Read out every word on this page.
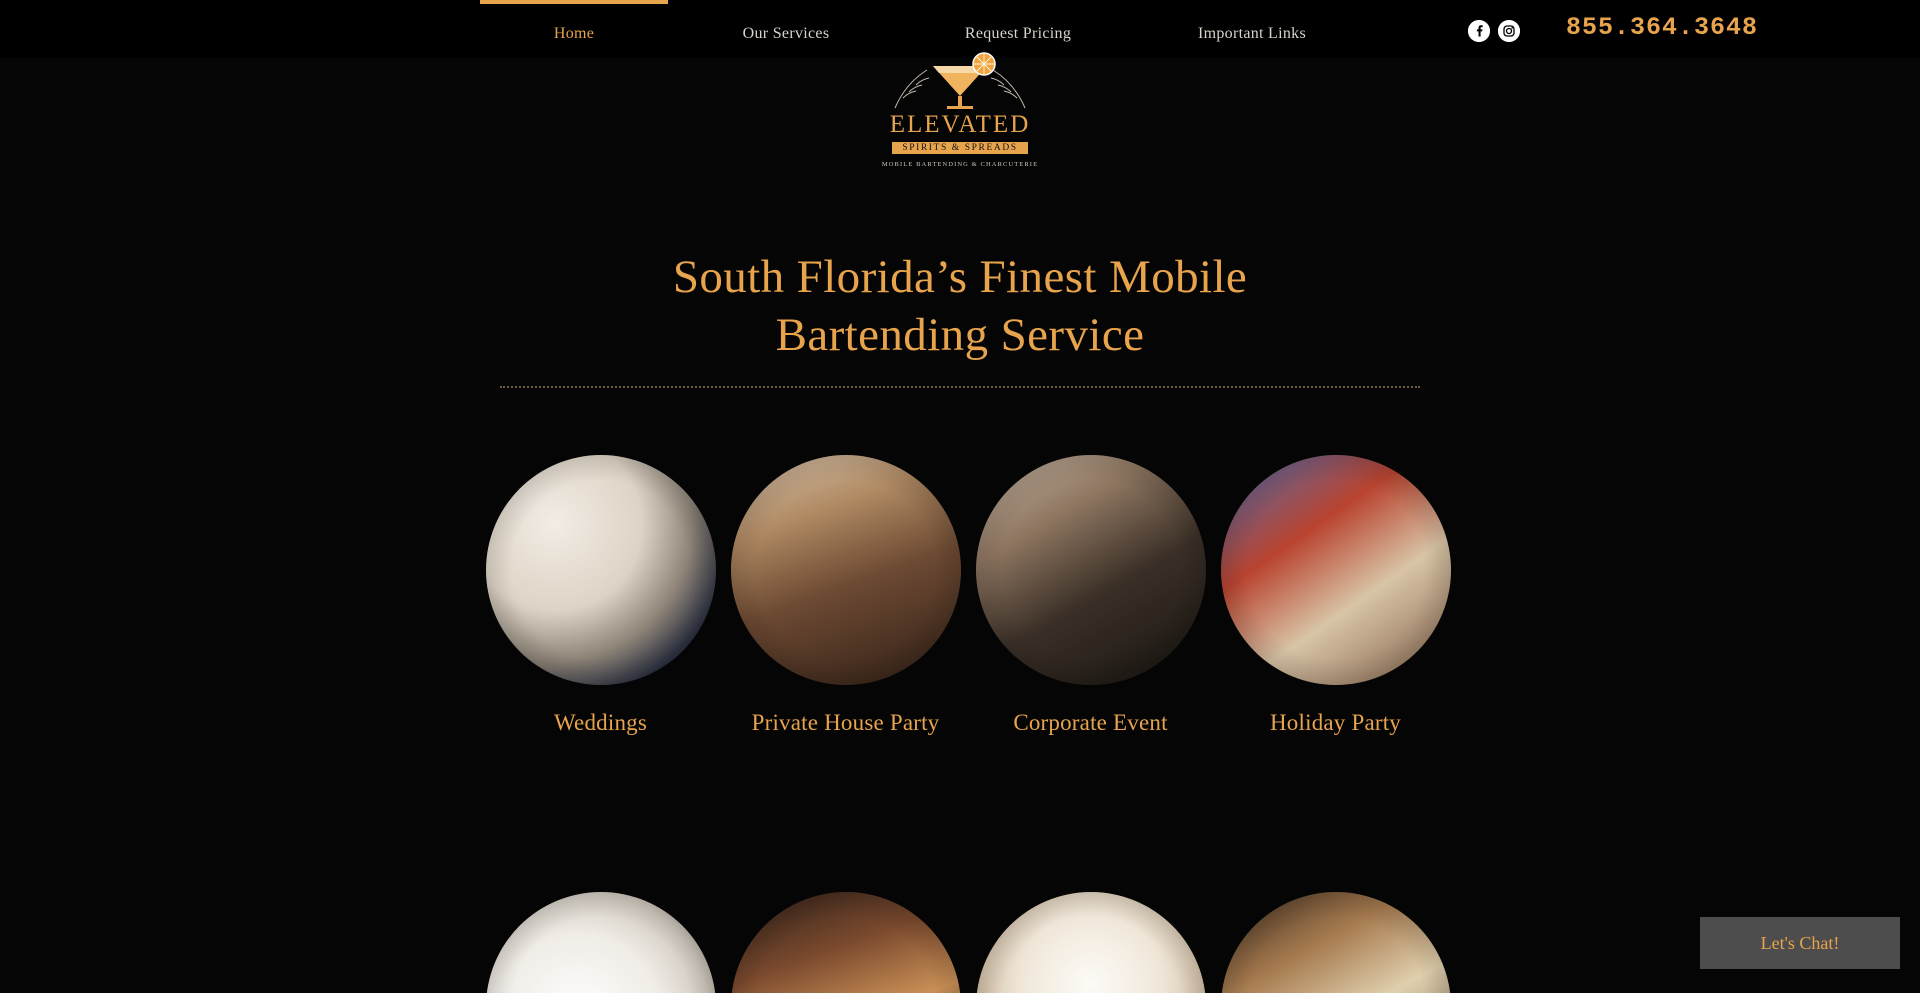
Home	Our Services	Request Pricing	Important Links	855.364.3648
ELEVATED
SPIRITS & SPREADS
MOBILE BARTENDING & CHARCUTERIE
South Florida’s Finest Mobile
Bartending Service
Weddings	Private House Party	Corporate Event	Holiday Party
Let's Chat!
